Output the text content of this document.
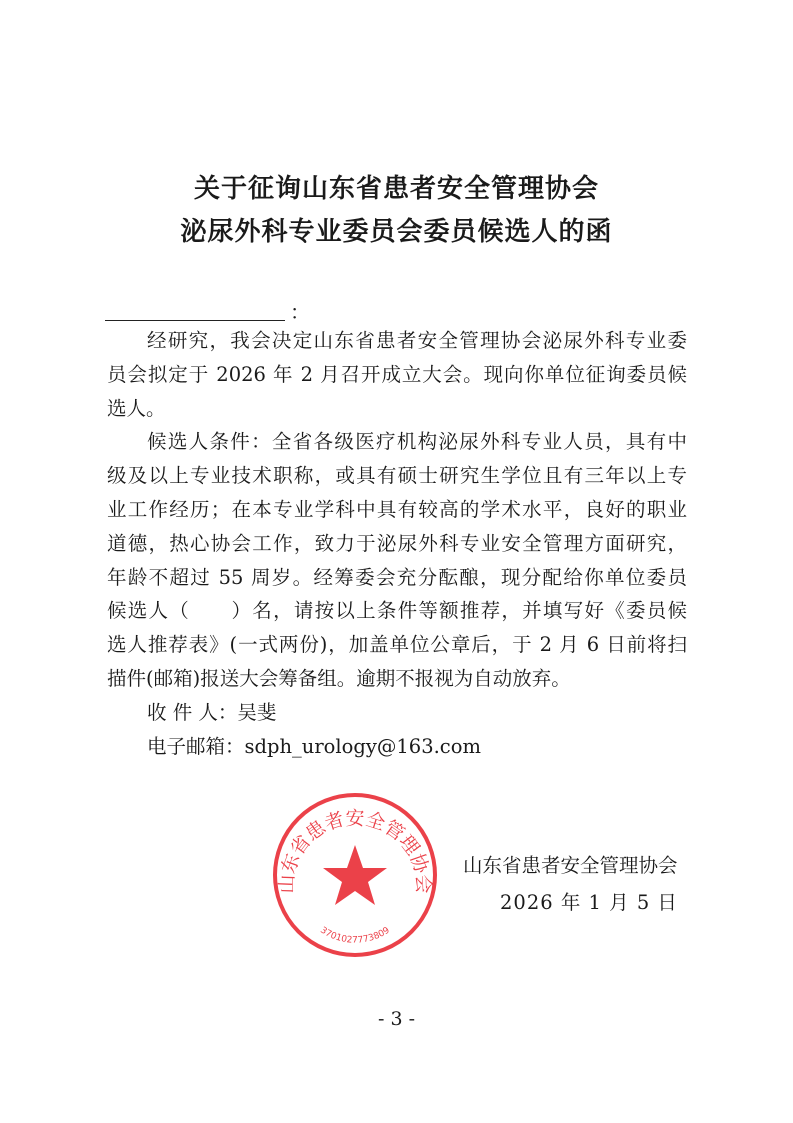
关于征询山东省患者安全管理协会
泌尿外科专业委员会委员候选人的函
：
经研究，我会决定山东省患者安全管理协会泌尿外科专业委
员会拟定于 2026 年 2 月召开成立大会。现向你单位征询委员候
选人。
候选人条件：全省各级医疗机构泌尿外科专业人员，具有中
级及以上专业技术职称，或具有硕士研究生学位且有三年以上专
业工作经历；在本专业学科中具有较高的学术水平，良好的职业
道德，热心协会工作，致力于泌尿外科专业安全管理方面研究，
年龄不超过 55 周岁。经筹委会充分酝酿，现分配给你单位委员
候选人（　　）名，请按以上条件等额推荐，并填写好《委员候
选人推荐表》(一式两份)，加盖单位公章后，于 2 月 6 日前将扫
描件(邮箱)报送大会筹备组。逾期不报视为自动放弃。
收 件 人：吴斐
电子邮箱：sdph_urology@163.com
山东省患者安全管理协会
3701027773809
山东省患者安全管理协会
2026 年 1 月 5 日
- 3 -
